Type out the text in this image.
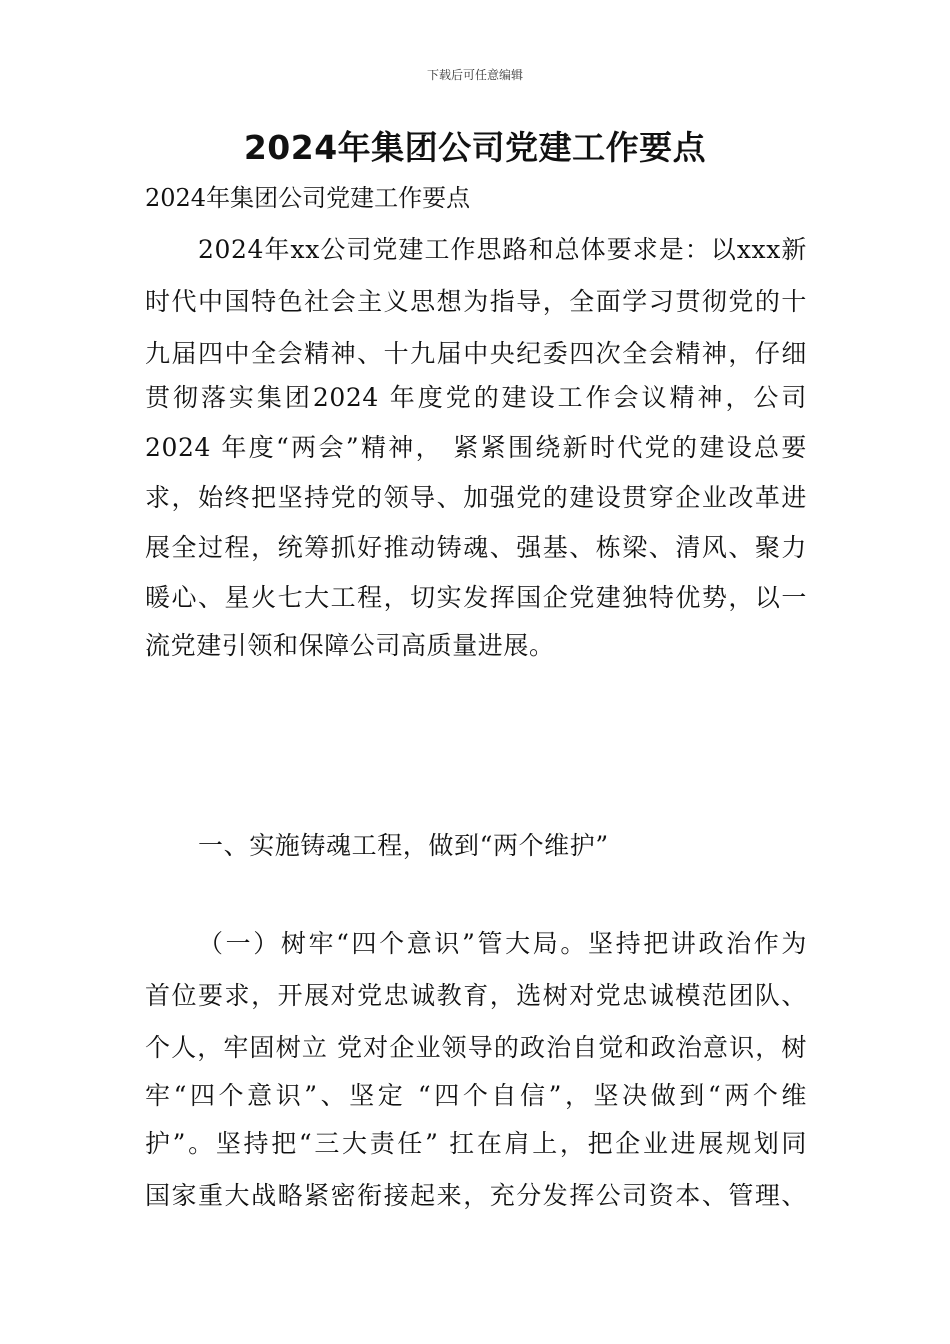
下载后可任意编辑
2024年集团公司党建工作要点
2024年集团公司党建工作要点
2024年xx公司党建工作思路和总体要求是：以xxx新
时代中国特色社会主义思想为指导，全面学习贯彻党的十
九届四中全会精神、十九届中央纪委四次全会精神，仔细
贯彻落实集团2024 年度党的建设工作会议精神，公司
2024 年度“两会”精神， 紧紧围绕新时代党的建设总要
求，始终把坚持党的领导、加强党的建设贯穿企业改革进
展全过程，统筹抓好推动铸魂、强基、栋梁、清风、聚力
暖心、星火七大工程，切实发挥国企党建独特优势，以一
流党建引领和保障公司高质量进展。
一、实施铸魂工程，做到“两个维护”
（一）树牢“四个意识”管大局。坚持把讲政治作为
首位要求，开展对党忠诚教育，选树对党忠诚模范团队、
个人，牢固树立 党对企业领导的政治自觉和政治意识，树
牢“四个意识”、坚定 “四个自信”，坚决做到“两个维
护”。坚持把“三大责任” 扛在肩上，把企业进展规划同
国家重大战略紧密衔接起来，充分发挥公司资本、管理、
